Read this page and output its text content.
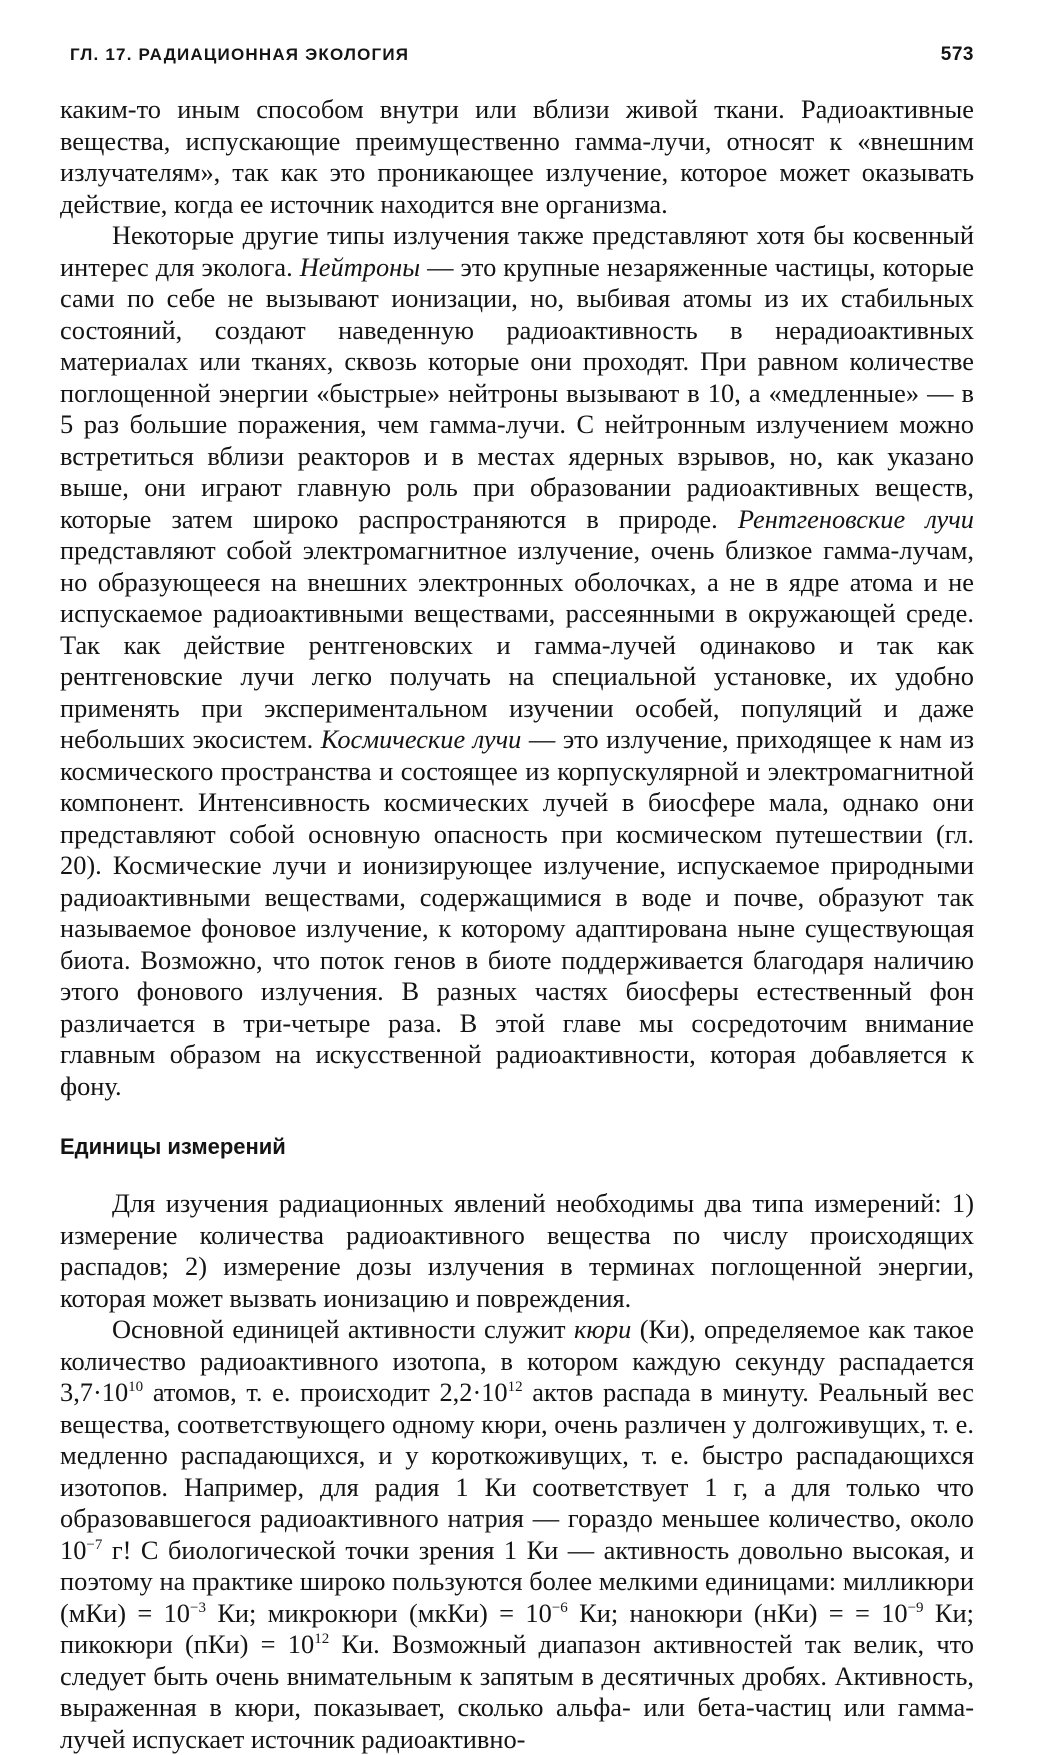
ГЛ. 17. РАДИАЦИОННАЯ ЭКОЛОГИЯ	573

каким-то иным способом внутри или вблизи живой ткани. Радиоактивные вещества, испускающие преимущественно гамма-лучи, относят к «внешним излучателям», так как это проникающее излучение, которое может оказывать действие, когда ее источник находится вне организма.

Некоторые другие типы излучения также представляют хотя бы косвенный интерес для эколога. Нейтроны — это крупные незаряженные частицы, которые сами по себе не вызывают ионизации, но, выбивая атомы из их стабильных состояний, создают наведенную радиоактивность в нерадиоактивных материалах или тканях, сквозь которые они проходят. При равном количестве поглощенной энергии «быстрые» нейтроны вызывают в 10, а «медленные» — в 5 раз большие поражения, чем гамма-лучи. С нейтронным излучением можно встретиться вблизи реакторов и в местах ядерных взрывов, но, как указано выше, они играют главную роль при образовании радиоактивных веществ, которые затем широко распространяются в природе. Рентгеновские лучи представляют собой электромагнитное излучение, очень близкое гамма-лучам, но образующееся на внешних электронных оболочках, а не в ядре атома и не испускаемое радиоактивными веществами, рассеянными в окружающей среде. Так как действие рентгеновских и гамма-лучей одинаково и так как рентгеновские лучи легко получать на специальной установке, их удобно применять при экспериментальном изучении особей, популяций и даже небольших экосистем. Космические лучи — это излучение, приходящее к нам из космического пространства и состоящее из корпускулярной и электромагнитной компонент. Интенсивность космических лучей в биосфере мала, однако они представляют собой основную опасность при космическом путешествии (гл. 20). Космические лучи и ионизирующее излучение, испускаемое природными радиоактивными веществами, содержащимися в воде и почве, образуют так называемое фоновое излучение, к которому адаптирована ныне существующая биота. Возможно, что поток генов в биоте поддерживается благодаря наличию этого фонового излучения. В разных частях биосферы естественный фон различается в три-четыре раза. В этой главе мы сосредоточим внимание главным образом на искусственной радиоактивности, которая добавляется к фону.

Единицы измерений

Для изучения радиационных явлений необходимы два типа измерений: 1) измерение количества радиоактивного вещества по числу происходящих распадов; 2) измерение дозы излучения в терминах поглощенной энергии, которая может вызвать ионизацию и повреждения.

Основной единицей активности служит кюри (Ки), определяемое как такое количество радиоактивного изотопа, в котором каждую секунду распадается $3,7\cdot 10^{10}$ атомов, т. е. происходит $2,2\cdot 10^{12}$ актов распада в минуту. Реальный вес вещества, соответствующего одному кюри, очень различен у долгоживущих, т. е. медленно распадающихся, и у короткоживущих, т. е. быстро распадающихся изотопов. Например, для радия 1 Ки соответствует 1 г, а для только что образовавшегося радиоактивного натрия — гораздо меньшее количество, около $10^{-7}$ г! С биологической точки зрения 1 Ки — активность довольно высокая, и поэтому на практике широко пользуются более мелкими единицами: милликюри $(мКи) = 10^{-3}$ Ки; микрокюри (мкКи) = $10^{-6}$ Ки; нанокюри (нКи) = = $10^{-9}$ Ки; пикокюри $(пКи) = 10^{12}$ Ки. Возможный диапазон активностей так велик, что следует быть очень внимательным к запятым в десятичных дробях. Активность, выраженная в кюри, показывает, сколько альфа- или бета-частиц или гамма-лучей испускает источник радиоактивно-
